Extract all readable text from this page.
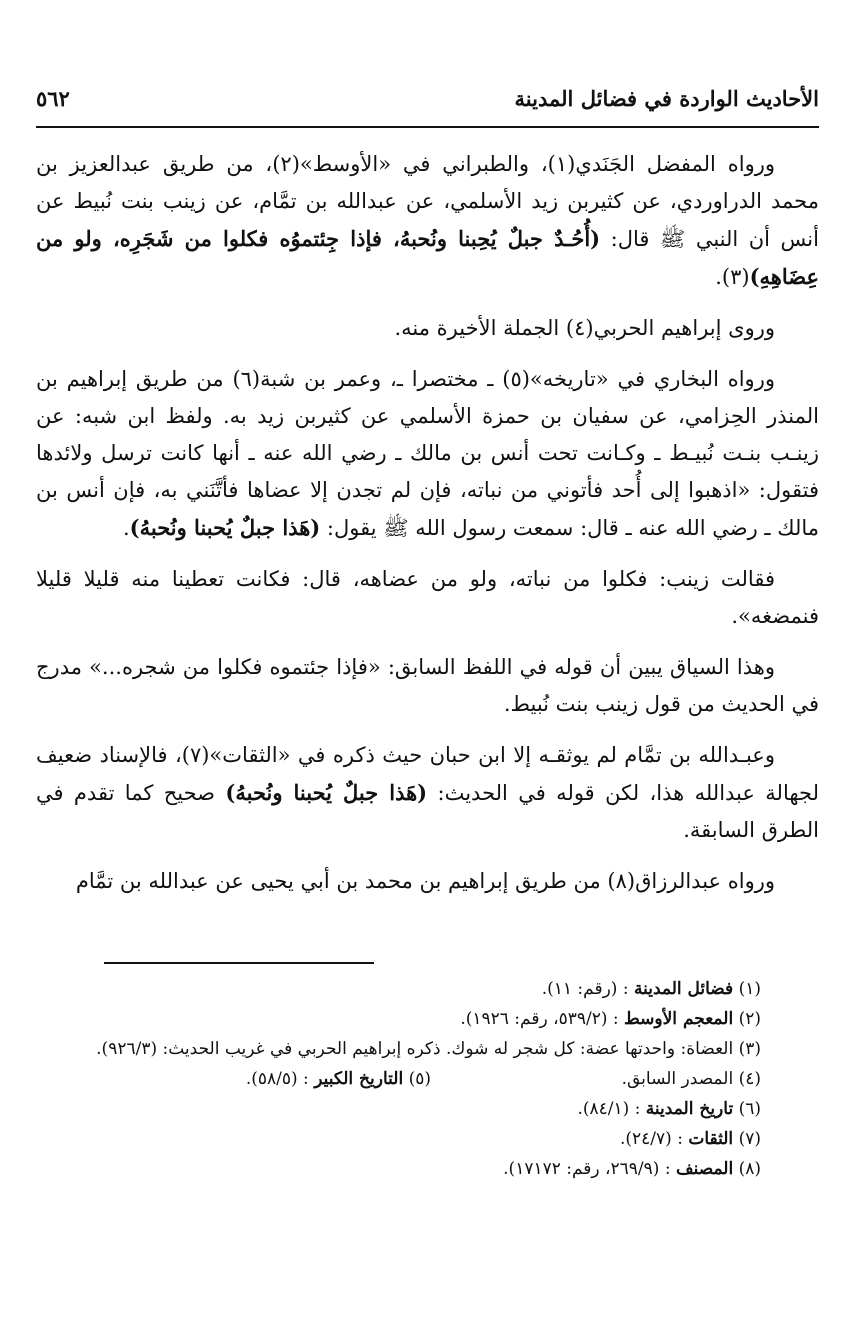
الأحاديث الواردة في فضائل المدينة
٥٦٢

ورواه المفضل الجَنَدي(١)، والطبراني في «الأوسط»(٢)، من طريق عبدالعزيز بن محمد الدراوردي، عن كثيربن زيد الأسلمي، عن عبدالله بن تمَّام، عن زينب بنت نُبيط عن أنس أن النبي ﷺ قال: (أُحُـدٌ جبلٌ يُحِبنا ونُحبهُ، فإذا جِئتموُه فكلوا من شَجَرِه، ولو من عِضَاهِهِ)(٣).

وروى إبراهيم الحربي(٤) الجملة الأخيرة منه.

ورواه البخاري في «تاريخه»(٥) ـ مختصرا ـ، وعمر بن شبة(٦) من طريق إبراهيم بن المنذر الحِزامي، عن سفيان بن حمزة الأسلمي عن كثيربن زيد به. ولفظ ابن شبه: عن زينـب بنـت نُبيـط ـ وكـانت تحت أنس بن مالك ـ رضي الله عنه ـ أنها كانت ترسل ولائدها فتقول: «اذهبوا إلى أُحد فأتوني من نباته، فإن لم تجدن إلا عضاها فأتَّنَني به، فإن أنس بن مالك ـ رضي الله عنه ـ قال: سمعت رسول الله ﷺ يقول: (هَذا جبلٌ يُحبنا ونُحبهُ).

فقالت زينب: فكلوا من نباته، ولو من عضاهه، قال: فكانت تعطينا منه قليلا قليلا فنمضغه».

وهذا السياق يبين أن قوله في اللفظ السابق: «فإذا جئتموه فكلوا من شجره...» مدرج في الحديث من قول زينب بنت نُبيط.

وعبـدالله بن تمَّام لم يوثقـه إلا ابن حبان حيث ذكره في «الثقات»(٧)، فالإسناد ضعيف لجهالة عبدالله هذا، لكن قوله في الحديث: (هَذا جبلٌ يُحبنا ونُحبهُ) صحيح كما تقدم في الطرق السابقة.

ورواه عبدالرزاق(٨) من طريق إبراهيم بن محمد بن أبي يحيى عن عبدالله بن تمَّام

(١) فضائل المدينة : (رقم: ١١).

(٢) المعجم الأوسط : (٥٣٩/٢، رقم: ١٩٢٦).

(٣) العضاة: واحدتها عضة: كل شجر له شوك. ذكره إبراهيم الحربي في غريب الحديث: (٩٢٦/٣).

(٤) المصدر السابق.
(٥) التاريخ الكبير : (٥٨/٥).

(٦) تاريخ المدينة : (٨٤/١).

(٧) الثقات : (٢٤/٧).

(٨) المصنف : (٢٦٩/٩، رقم: ١٧١٧٢).
